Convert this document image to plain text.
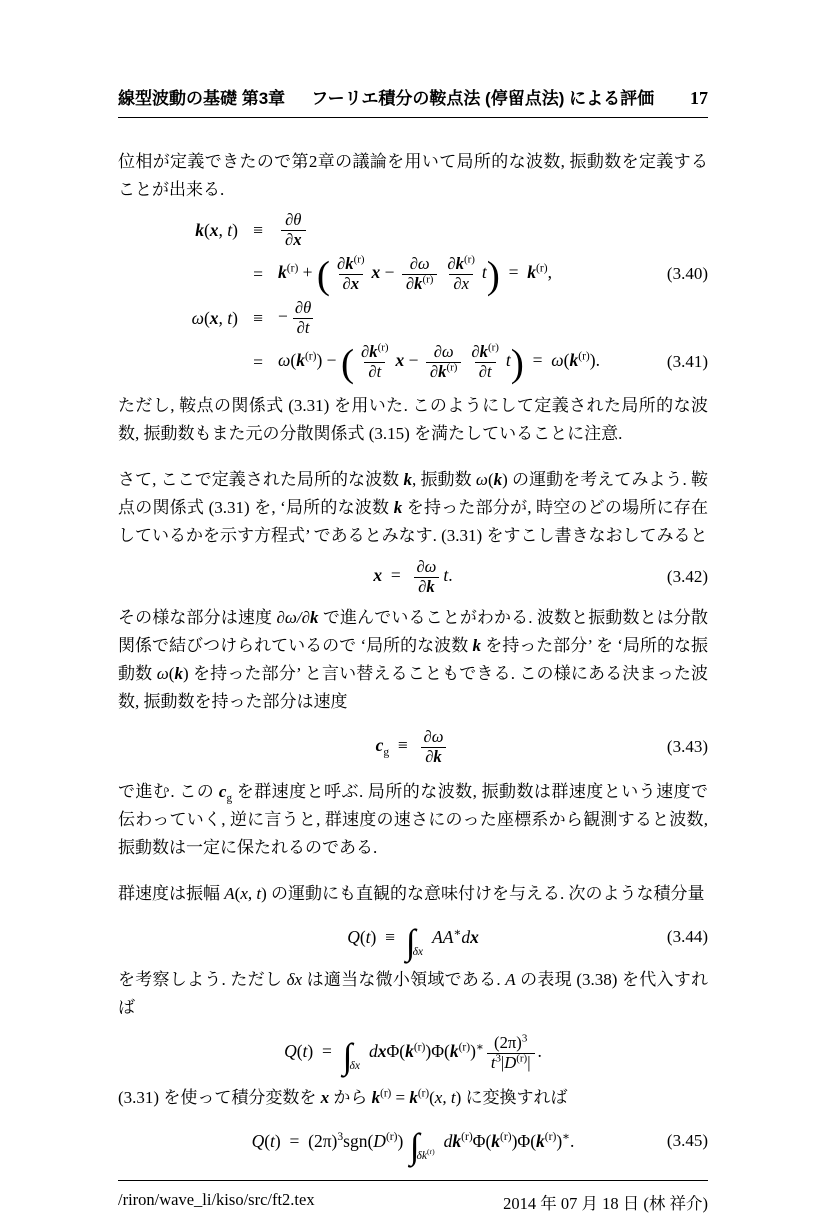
線型波動の基礎 第3章 フーリエ積分の鞍点法 (停留点法) による評価 17

位相が定義できたので第2章の議論を用いて局所的な波数, 振動数を定義することが出来る.

k(x, $t) \equiv \frac{\partial\theta}{\partial x}$
= $k^{(r)}$ + ( $\frac{\partial k^{(r)}}{\partial x}$ $x - \frac{\partial\omega}{\partial k^{(r)}} \frac{\partial k^{(r)}}{\partial x} t$) = $k^{(r)}$,	(3.40)
ω(x, t) ≡ − $\frac{\partial\theta}{\partial t}$
= $\omega(k^{(r)})$ − ( $\frac{\partial k^{(r)}}{\partial t}$ $x - \frac{\partial\omega}{\partial k^{(r)}} \frac{\partial k^{(r)}}{\partial t} t$) = $\omega(k^{(r)})$.	(3.41)

ただし, 鞍点の関係式 (3.31) を用いた. このようにして定義された局所的な波数, 振動数もまた元の分散関係式 (3.15) を満たしていることに注意.

さて, ここで定義された局所的な波数 k, 振動数 ω(k) の運動を考えてみよう. 鞍点の関係式 (3.31) を, ‘局所的な波数 k を持った部分が, 時空のどの場所に存在しているかを示す方程式’ であるとみなす. (3.31) をすこし書きなおしてみると

x =  $\frac{\partial\omega}{\partial k} t$.	(3.42)

その様な部分は速度 ∂ω/∂k で進んでいることがわかる. 波数と振動数とは分散関係で結びつけられているので ‘局所的な波数 k を持った部分’ を ‘局所的な振動数 ω(k) を持った部分’ と言い替えることもできる. この様にある決まった波数, 振動数を持った部分は速度

$c_g$ ≡  $\frac{\partial\omega}{\partial k}$	(3.43)

で進む. この $c_g$ を群速度と呼ぶ. 局所的な波数, 振動数は群速度という速度で伝わっていく, 逆に言うと, 群速度の速さにのった座標系から観測すると波数, 振動数は一定に保たれるのである.

群速度は振幅 A(x, t) の運動にも直観的な意味付けを与える. 次のような積分量

Q(t) ≡ ∫δxAA∗dx	(3.44)

を考察しよう. ただし δx は適当な微小領域である. A の表現 (3.38) を代入すれば

Q(t) = $\int\delta xdx\Phi(k^{(r)})\Phi(k^{(r)})^∗ \frac{(2\pi)^3}{t^3|D^{(r)}|}$ .

(3.31) を使って積分変数を x から $k^{(r)} = k^{(r)}(x$, t) に変換すれば

Q(t) = $(2\pi)^3sgn(D^{(r)})$ $\int\delta k^{(r)}dk^{(r)}\Phi(k^{(r)})\Phi(k^{(r)})^∗$.	(3.45)
/riron/wave_li/kiso/src/ft2.tex	2014 年 07 月 18 日 (林 祥介)
